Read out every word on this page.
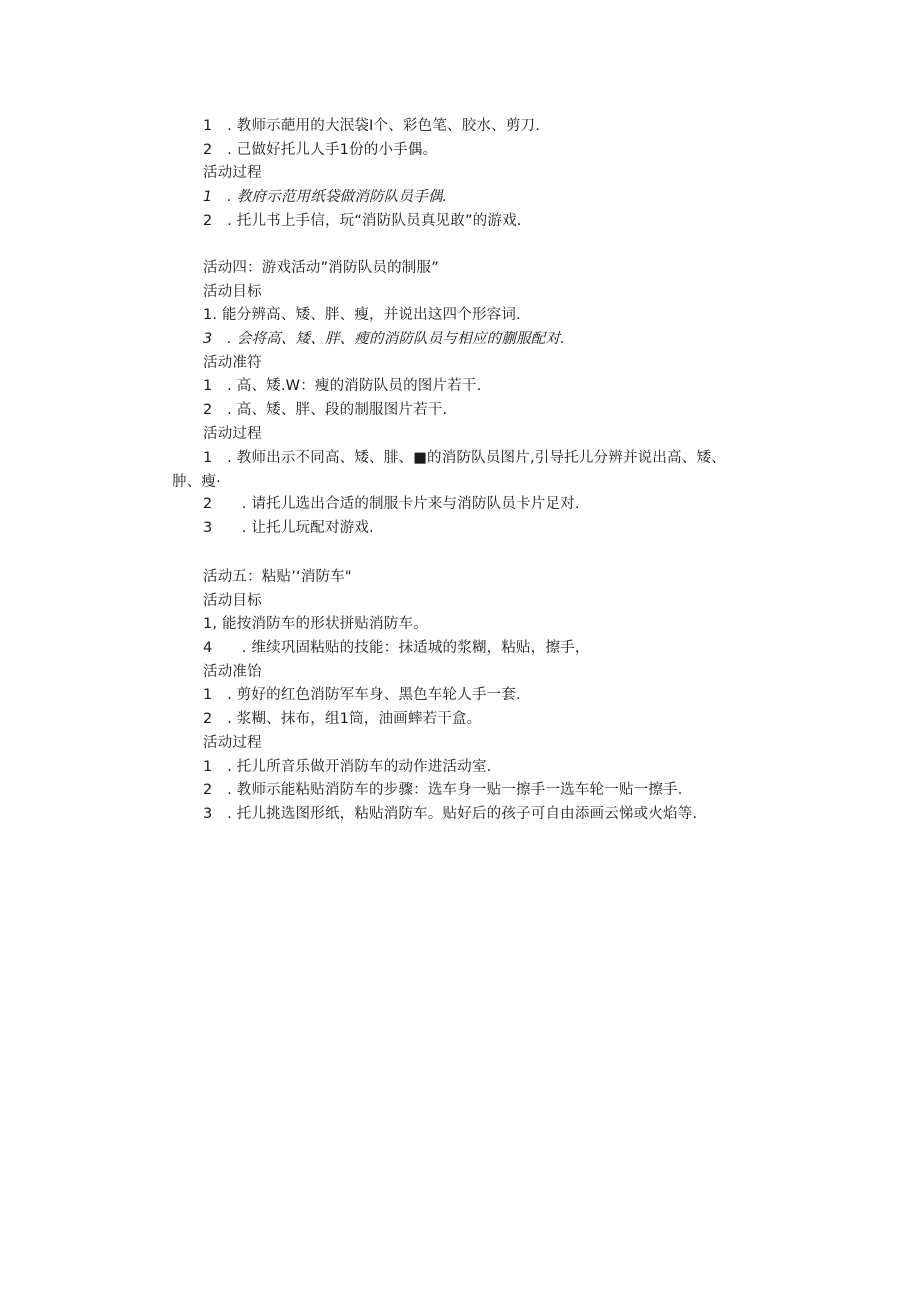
1　. 教师示葩用的大泯袋I个、彩色笔、胶水、剪刀.
2　. 己做好托儿人手1份的小手偶。
活动过程
1　. 教府示范用纸袋做消防队员手偶.
2　. 托儿书上手信，玩“消防队员真见敢”的游戏.
活动四：游戏活动”消防队员的制服”
活动目标
1. 能分辨高、矮、胖、瘦，并说出这四个形容词.
3　. 会将高、矮、胖、瘦的消防队员与相应的蒯服配对.
活动准符
1　. 高、矮.W：瘦的消防队员的图片若干.
2　. 高、矮、胖、段的制服图片若干.
活动过程
1　. 教师出示不同高、矮、腓、■的消防队员图片,引导托儿分辨并说出高、矮、肿、瘦·
2　　. 请托儿选出合适的制服卡片来与消防队员卡片足对.
3　　. 让托儿玩配对游戏.
活动五：粘贴’‘消防车"
活动目标
1, 能按消防车的形状拼贴消防车。
4　　. 维续巩固粘贴的技能：抹适城的浆糊，粘贴，擦手，
活动准饴
1　. 剪好的红色消防军车身、黑色车轮人手一套.
2　. 浆糊、抹布，组1筒，油画蟀若干盒。
活动过程
1　. 托儿所音乐做开消防车的动作进活动室.
2　. 教师示能粘贴消防车的步骤：选车身一贴一擦手一选车轮一贴一擦手.
3　. 托儿挑选图形纸，粘贴消防车。贴好后的孩子可自由添画云悌或火焰等.
